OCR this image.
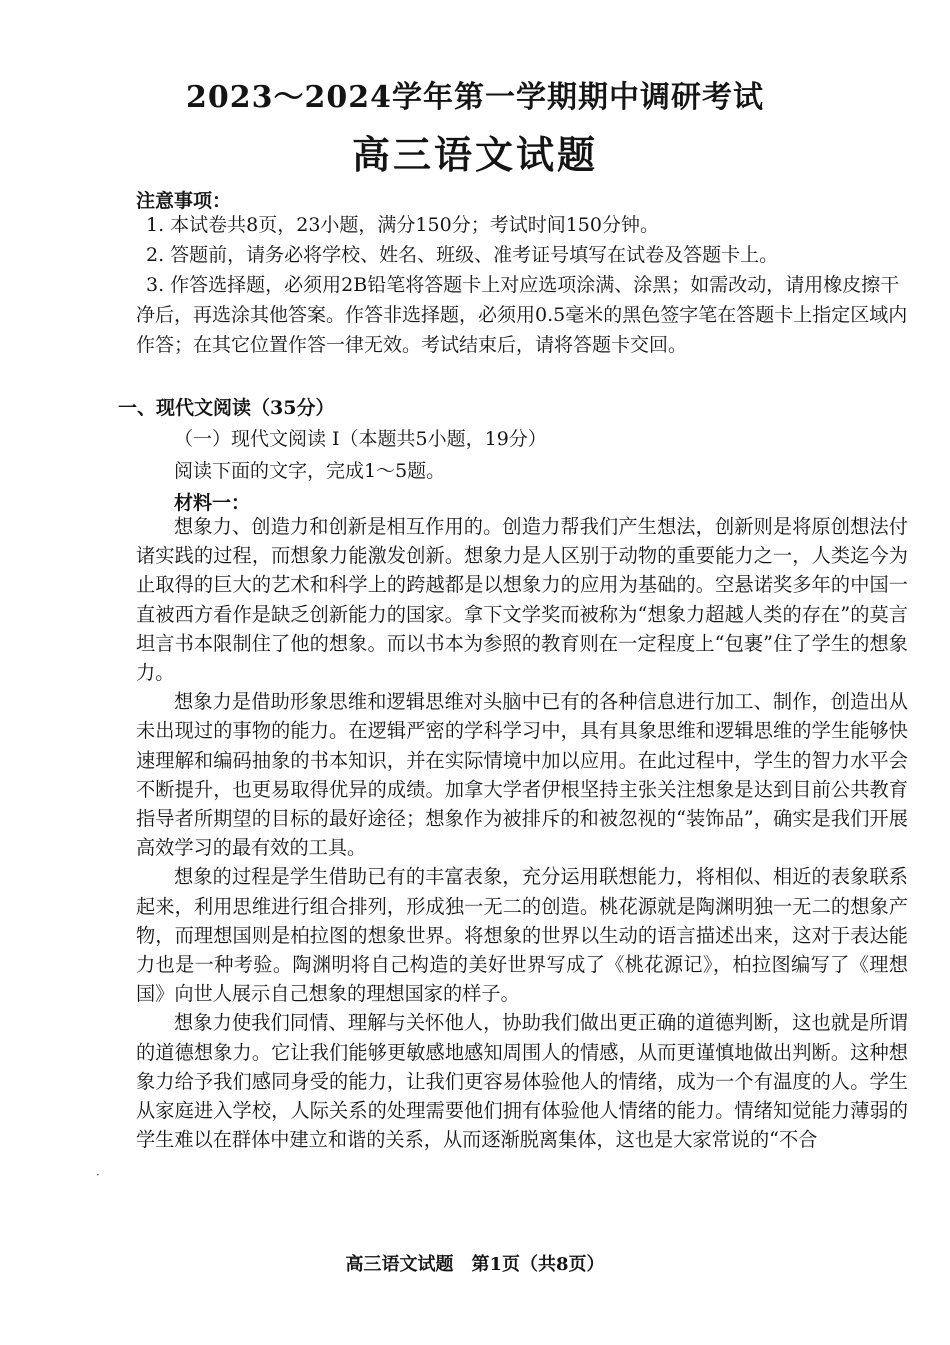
2023～2024学年第一学期期中调研考试
高三语文试题
注意事项：

1. 本试卷共8页，23小题，满分150分；考试时间150分钟。

2. 答题前，请务必将学校、姓名、班级、准考证号填写在试卷及答题卡上。

3. 作答选择题，必须用2B铅笔将答题卡上对应选项涂满、涂黑；如需改动，请用橡皮擦干净后，再选涂其他答案。作答非选择题，必须用0.5毫米的黑色签字笔在答题卡上指定区域内作答；在其它位置作答一律无效。考试结束后，请将答题卡交回。

一、现代文阅读（35分）
（一）现代文阅读 I（本题共5小题，19分）
阅读下面的文字，完成1～5题。
材料一：

想象力、创造力和创新是相互作用的。创造力帮我们产生想法，创新则是将原创想法付诸实践的过程，而想象力能激发创新。想象力是人区别于动物的重要能力之一，人类迄今为止取得的巨大的艺术和科学上的跨越都是以想象力的应用为基础的。空悬诺奖多年的中国一直被西方看作是缺乏创新能力的国家。拿下文学奖而被称为“想象力超越人类的存在”的莫言坦言书本限制住了他的想象。而以书本为参照的教育则在一定程度上“包裹”住了学生的想象力。

想象力是借助形象思维和逻辑思维对头脑中已有的各种信息进行加工、制作，创造出从未出现过的事物的能力。在逻辑严密的学科学习中，具有具象思维和逻辑思维的学生能够快速理解和编码抽象的书本知识，并在实际情境中加以应用。在此过程中，学生的智力水平会不断提升，也更易取得优异的成绩。加拿大学者伊根坚持主张关注想象是达到目前公共教育指导者所期望的目标的最好途径；想象作为被排斥的和被忽视的“装饰品”，确实是我们开展高效学习的最有效的工具。

想象的过程是学生借助已有的丰富表象，充分运用联想能力，将相似、相近的表象联系起来，利用思维进行组合排列，形成独一无二的创造。桃花源就是陶渊明独一无二的想象产物，而理想国则是柏拉图的想象世界。将想象的世界以生动的语言描述出来，这对于表达能力也是一种考验。陶渊明将自己构造的美好世界写成了《桃花源记》，柏拉图编写了《理想国》向世人展示自己想象的理想国家的样子。

想象力使我们同情、理解与关怀他人，协助我们做出更正确的道德判断，这也就是所谓的道德想象力。它让我们能够更敏感地感知周围人的情感，从而更谨慎地做出判断。这种想象力给予我们感同身受的能力，让我们更容易体验他人的情绪，成为一个有温度的人。学生从家庭进入学校，人际关系的处理需要他们拥有体验他人情绪的能力。情绪知觉能力薄弱的学生难以在群体中建立和谐的关系，从而逐渐脱离集体，这也是大家常说的“不合

·
高三语文试题　第1页（共8页）
